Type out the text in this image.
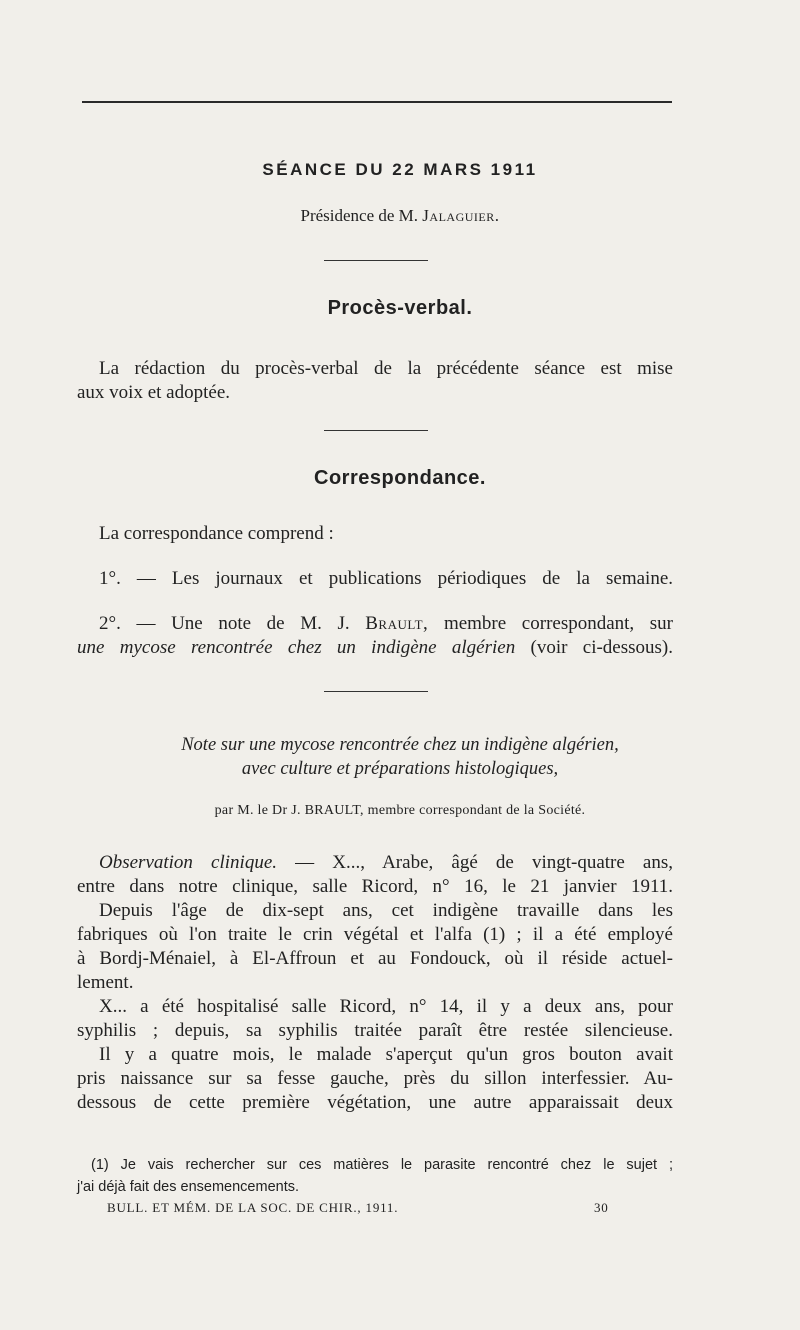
SÉANCE DU 22 MARS 1911
Présidence de M. Jalaguier.
Procès-verbal.
La rédaction du procès-verbal de la précédente séance est mise
aux voix et adoptée.
Correspondance.
La correspondance comprend :
1°. — Les journaux et publications périodiques de la semaine.
2°. — Une note de M. J. Brault, membre correspondant, sur
une mycose rencontrée chez un indigène algérien (voir ci-dessous).
Note sur une mycose rencontrée chez un indigène algérien,
avec culture et préparations histologiques,
par M. le Dr J. BRAULT, membre correspondant de la Société.
Observation clinique. — X..., Arabe, âgé de vingt-quatre ans,
entre dans notre clinique, salle Ricord, n° 16, le 21 janvier 1911.
Depuis l'âge de dix-sept ans, cet indigène travaille dans les
fabriques où l'on traite le crin végétal et l'alfa (1) ; il a été employé
à Bordj-Ménaiel, à El-Affroun et au Fondouck, où il réside actuel-
lement.
X... a été hospitalisé salle Ricord, n° 14, il y a deux ans, pour
syphilis ; depuis, sa syphilis traitée paraît être restée silencieuse.
Il y a quatre mois, le malade s'aperçut qu'un gros bouton avait
pris naissance sur sa fesse gauche, près du sillon interfessier. Au-
dessous de cette première végétation, une autre apparaissait deux
(1) Je vais rechercher sur ces matières le parasite rencontré chez le sujet ;
j'ai déjà fait des ensemencements.
BULL. ET MÉM. DE LA SOC. DE CHIR., 1911.	30
